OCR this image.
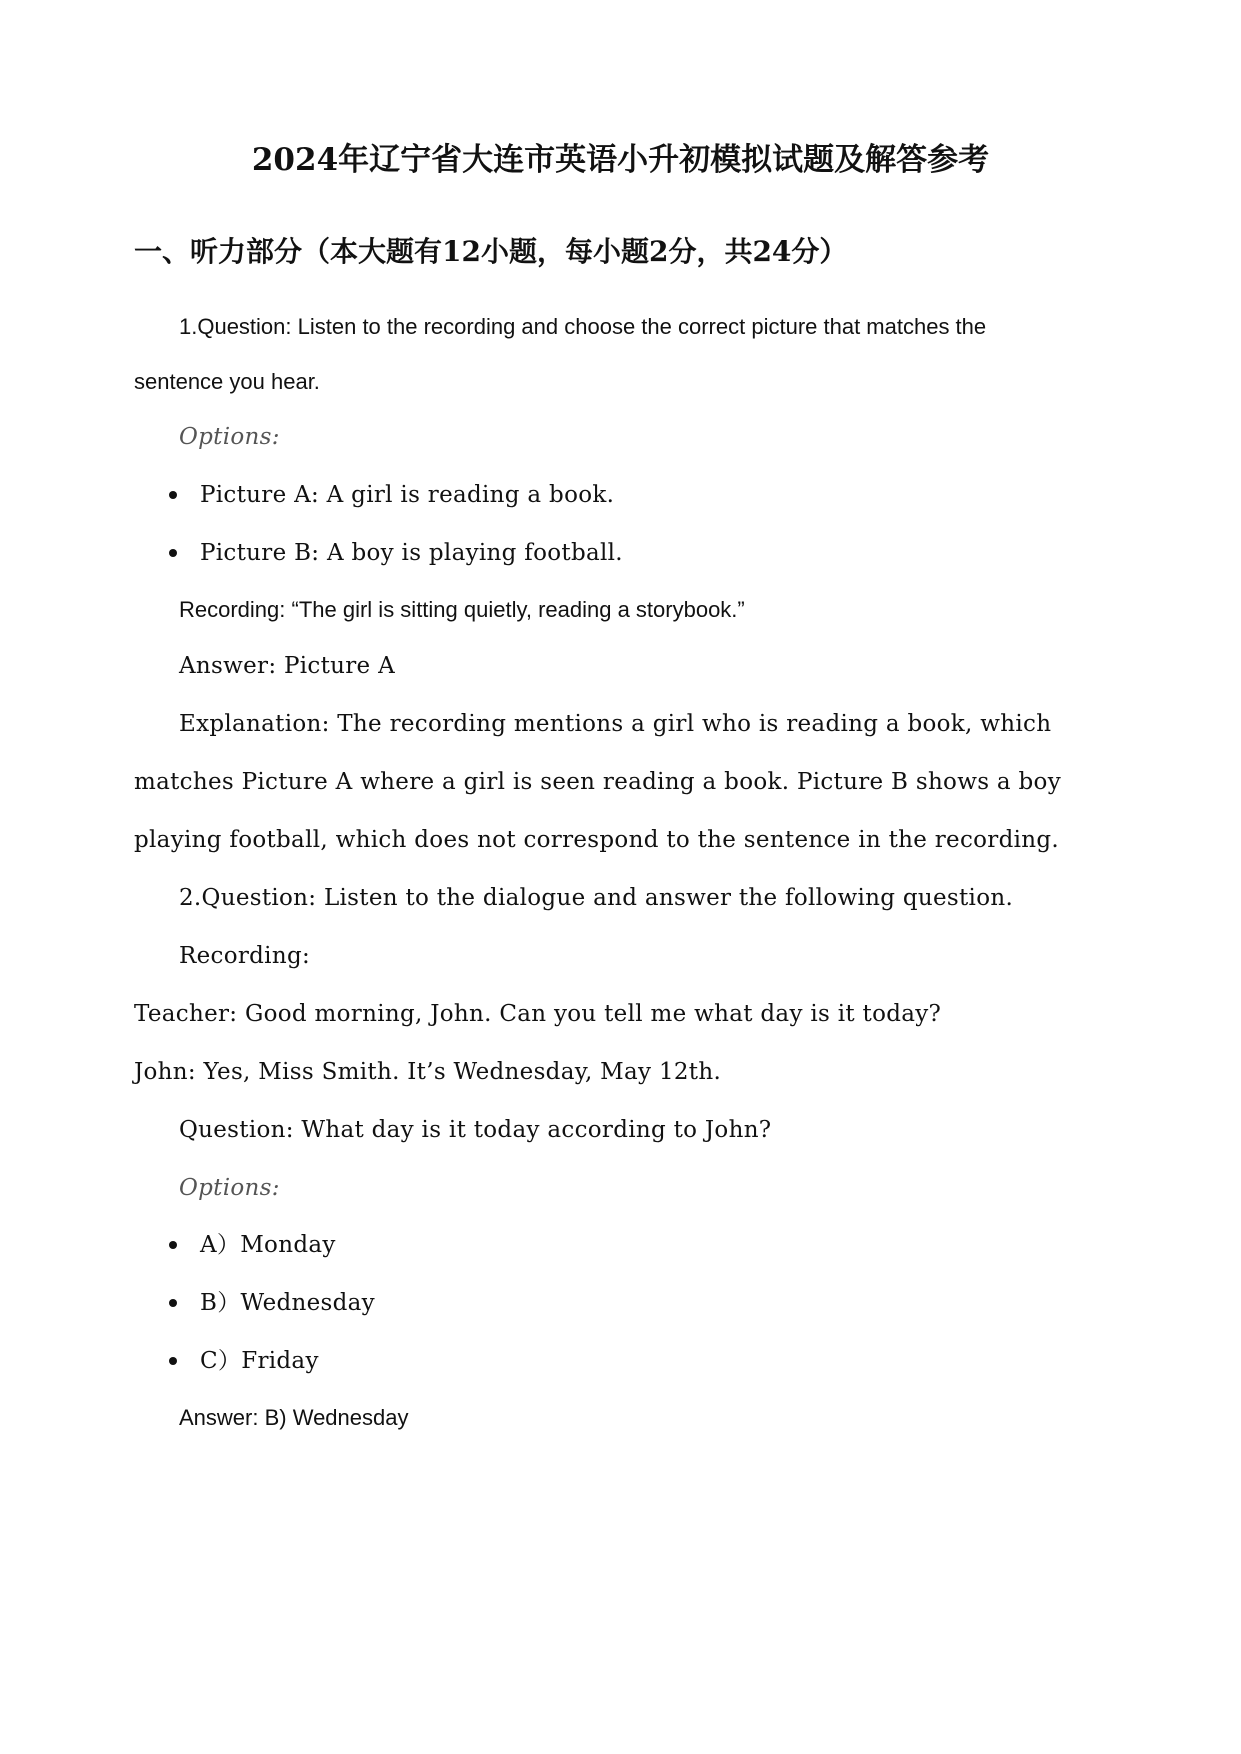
2024年辽宁省大连市英语小升初模拟试题及解答参考
一、听力部分（本大题有12小题，每小题2分，共24分）
1.Question: Listen to the recording and choose the correct picture that matches the
sentence you hear.
Options:
Picture A: A girl is reading a book.
Picture B: A boy is playing football.
Recording: “The girl is sitting quietly, reading a storybook.”
Answer: Picture A
Explanation: The recording mentions a girl who is reading a book, which
matches Picture A where a girl is seen reading a book. Picture B shows a boy
playing football, which does not correspond to the sentence in the recording.
2.Question: Listen to the dialogue and answer the following question.
Recording:
Teacher: Good morning, John. Can you tell me what day is it today?
John: Yes, Miss Smith. It’s Wednesday, May 12th.
Question: What day is it today according to John?
Options:
A）Monday
B）Wednesday
C）Friday
Answer: B) Wednesday
